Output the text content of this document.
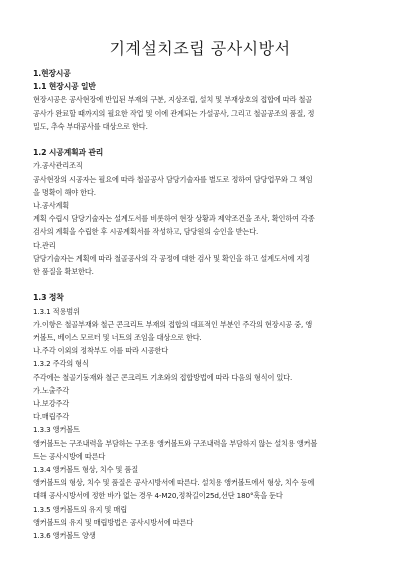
기계설치조립 공사시방서
1.현장시공
1.1 현장시공 일반
현장시공은 공사현장에 반입된 부재의 구분, 지상조립, 설치 및 부재상호의 접합에 따라 철골
공사가 완료할 때까지의 필요한 작업 및 이에 관계되는 가설공사, 그리고 철골공조의 품질, 정
밀도, 추숙 부대공사를 대상으로 한다.
1.2 시공계획과 관리
가.공사관리조직
공사현장의 시공자는 필요에 따라 철골공사 담당기술자를 별도로 정하여 담당업무와 그 책임
을 명확이 해야 한다.
나.공사계획
계획 수립시 담당기술자는 설계도서를 비롯하여 현장 상황과 제약조건을 조사, 확인하여 각종
검사의 계획을 수립한 후 시공계획서를 작성하고, 담당원의 승인을 받는다.
다.관리
담당기술자는 계획에 따라 철골공사의 각 공정에 대한 검사 및 확인을 하고 설계도서에 지정
한 품질을 확보한다.
1.3 정착
1.3.1 적용범위
가.이항은 철골부재와 철근 콘크리트 부재의 접합의 대표적인 부분인 주각의 현장시공 중, 앵
커볼트, 베이스 모르터 및 너트의 조임을 대상으로 한다.
나.주각 이외의 정착부도 이를 따라 시공한다
1.3.2 주각의 형식
주각에는 철골기둥재와 철근 콘크리트 기초와의 접합방법에 따라 다음의 형식이 있다.
가.노출주각
나.보강주각
다.매립주각
1.3.3 앵커볼트
앵커볼트는 구조내력을 부담하는 구조용 앵커볼트와 구조내력을 부담하지 않는 설치용 앵커볼
트는 공사시방에 따른다
1.3.4 앵커볼트 형상, 치수 및 품질
앵커볼트의 형상, 치수 및 품질은 공사시방서에 따른다. 설치용 앵커볼트에서 형상, 치수 등에
대해 공사시방서에 정한 바가 없는 경우 4-M20,정착길이25d,선단 180°훅을 둔다
1.3.5 앵커볼트의 유지 및 매립
앵커볼트의 유지 및 매립방법은 공사시방서에 따른다
1.3.6 앵커볼트 양생
